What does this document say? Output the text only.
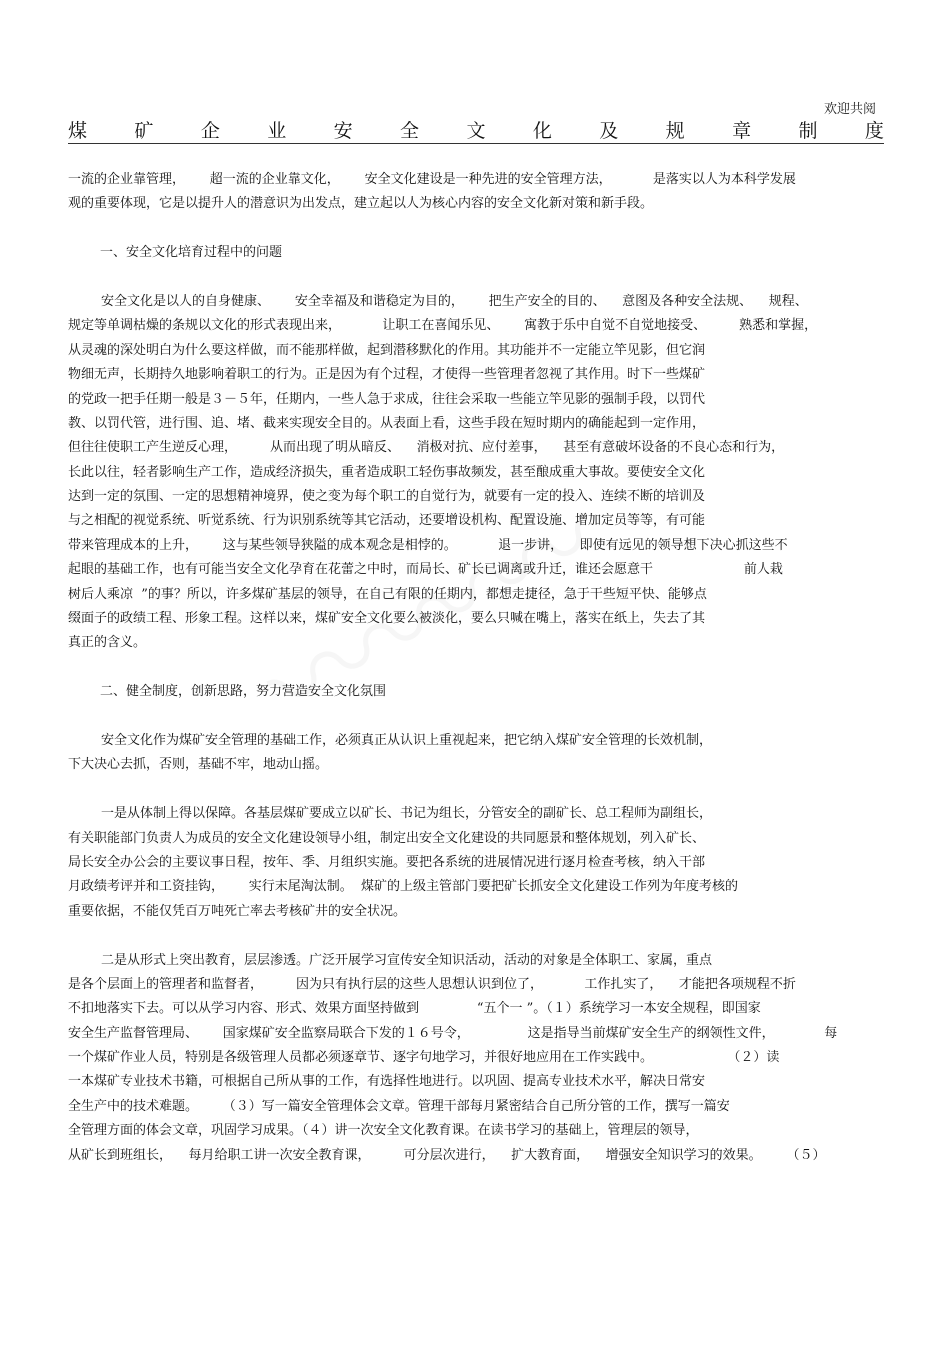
欢迎共阅
煤 矿 企 业 安 全 文 化 及 规 章 制 度
一流的企业靠管理，      超一流的企业靠文化，      安全文化建设是一种先进的安全管理方法，          是落实以人为本科学发展
观的重要体现，它是以提升人的潜意识为出发点，建立起以人为核心内容的安全文化新对策和新手段。
一、安全文化培育过程中的问题
安全文化是以人的自身健康、      安全幸福及和谐稳定为目的，      把生产安全的目的、    意图及各种安全法规、    规程、
规定等单调枯燥的条规以文化的形式表现出来，          让职工在喜闻乐见、      寓教于乐中自觉不自觉地接受、        熟悉和掌握，
从灵魂的深处明白为什么要这样做，而不能那样做，起到潜移默化的作用。其功能并不一定能立竿见影，但它润
物细无声，长期持久地影响着职工的行为。正是因为有个过程，才使得一些管理者忽视了其作用。时下一些煤矿
的党政一把手任期一般是３－５年，任期内，一些人急于求成，往往会采取一些能立竿见影的强制手段，以罚代
教、以罚代管，进行围、追、堵、截来实现安全目的。从表面上看，这些手段在短时期内的确能起到一定作用，
但往往使职工产生逆反心理，        从而出现了明从暗反、    消极对抗、应付差事，    甚至有意破坏设备的不良心态和行为，
长此以往，轻者影响生产工作，造成经济损失，重者造成职工轻伤事故频发，甚至酿成重大事故。要使安全文化
达到一定的氛围、一定的思想精神境界，使之变为每个职工的自觉行为，就要有一定的投入、连续不断的培训及
与之相配的视觉系统、听觉系统、行为识别系统等其它活动，还要增设机构、配置设施、增加定员等等，有可能
带来管理成本的上升，      这与某些领导狭隘的成本观念是相悖的。          退一步讲，    即使有远见的领导想下决心抓这些不
起眼的基础工作，也有可能当安全文化孕育在花蕾之中时，而局长、矿长已调离或升迁，谁还会愿意干                      前人栽
树后人乘凉  ”的事？所以，许多煤矿基层的领导，在自己有限的任期内，都想走捷径，急于干些短平快、能够点
缀面子的政绩工程、形象工程。这样以来，煤矿安全文化要么被淡化，要么只喊在嘴上，落实在纸上，失去了其
真正的含义。
二、健全制度，创新思路，努力营造安全文化氛围
安全文化作为煤矿安全管理的基础工作，必须真正从认识上重视起来，把它纳入煤矿安全管理的长效机制，
下大决心去抓，否则，基础不牢，地动山摇。
一是从体制上得以保障。各基层煤矿要成立以矿长、书记为组长，分管安全的副矿长、总工程师为副组长，
有关职能部门负责人为成员的安全文化建设领导小组，制定出安全文化建设的共同愿景和整体规划，列入矿长、
局长安全办公会的主要议事日程，按年、季、月组织实施。要把各系统的进展情况进行逐月检查考核，纳入干部
月政绩考评并和工资挂钩，      实行末尾淘汰制。  煤矿的上级主管部门要把矿长抓安全文化建设工作列为年度考核的
重要依据，不能仅凭百万吨死亡率去考核矿井的安全状况。
二是从形式上突出教育，层层渗透。广泛开展学习宣传安全知识活动，活动的对象是全体职工、家属，重点
是各个层面上的管理者和监督者，        因为只有执行层的这些人思想认识到位了，          工作扎实了，    才能把各项规程不折
不扣地落实下去。可以从学习内容、形式、效果方面坚持做到              “五个一 ”。（１）系统学习一本安全规程，即国家
安全生产监督管理局、      国家煤矿安全监察局联合下发的１６号令，              这是指导当前煤矿安全生产的纲领性文件，            每
一个煤矿作业人员，特别是各级管理人员都必须逐章节、逐字句地学习，并很好地应用在工作实践中。                  （２）读
一本煤矿专业技术书籍，可根据自己所从事的工作，有选择性地进行。以巩固、提高专业技术水平，解决日常安
全生产中的技术难题。      （３）写一篇安全管理体会文章。管理干部每月紧密结合自己所分管的工作，撰写一篇安
全管理方面的体会文章，巩固学习成果。（４）讲一次安全文化教育课。在读书学习的基础上，管理层的领导，
从矿长到班组长，    每月给职工讲一次安全教育课，        可分层次进行，    扩大教育面，    增强安全知识学习的效果。      （５）
